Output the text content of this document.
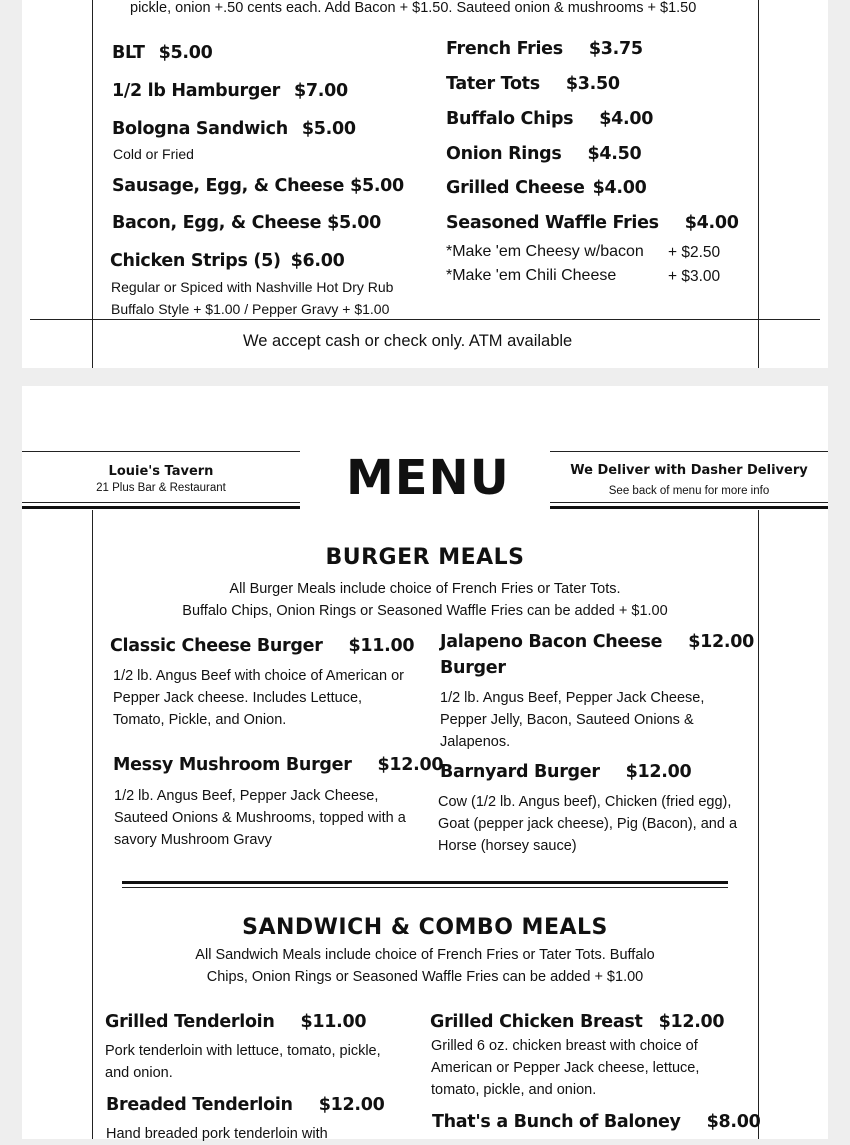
pickle, onion +.50 cents each. Add Bacon + $1.50. Sauteed onion & mushrooms + $1.50
BLT $5.00
1/2 lb Hamburger $7.00
Bologna Sandwich $5.00
Cold or Fried
Sausage, Egg, & Cheese $5.00
Bacon, Egg, & Cheese $5.00
Chicken Strips (5) $6.00
Regular or Spiced with Nashville Hot Dry Rub
Buffalo Style + $1.00 / Pepper Gravy + $1.00
French Fries $3.75
Tater Tots $3.50
Buffalo Chips $4.00
Onion Rings $4.50
Grilled Cheese $4.00
Seasoned Waffle Fries $4.00
*Make 'em Cheesy w/bacon + $2.50
*Make 'em Chili Cheese	+ $3.00
We accept cash or check only. ATM available
Louie's Tavern
21 Plus Bar & Restaurant	MENU	We Deliver with Dasher Delivery
See back of menu for more info
BURGER MEALS
All Burger Meals include choice of French Fries or Tater Tots.
Buffalo Chips, Onion Rings or Seasoned Waffle Fries can be added + $1.00
Classic Cheese Burger $11.00
1/2 lb. Angus Beef with choice of American or Pepper Jack cheese. Includes Lettuce, Tomato, Pickle, and Onion.
Jalapeno Bacon Cheese $12.00
Burger
1/2 lb. Angus Beef, Pepper Jack Cheese, Pepper Jelly, Bacon, Sauteed Onions & Jalapenos.
Messy Mushroom Burger $12.00
1/2 lb. Angus Beef, Pepper Jack Cheese, Sauteed Onions & Mushrooms, topped with a savory Mushroom Gravy
Barnyard Burger $12.00
Cow (1/2 lb. Angus beef), Chicken (fried egg), Goat (pepper jack cheese), Pig (Bacon), and a Horse (horsey sauce)
SANDWICH & COMBO MEALS
All Sandwich Meals include choice of French Fries or Tater Tots. Buffalo
Chips, Onion Rings or Seasoned Waffle Fries can be added + $1.00
Grilled Tenderloin $11.00
Pork tenderloin with lettuce, tomato, pickle, and onion.
Grilled Chicken Breast $12.00
Grilled 6 oz. chicken breast with choice of American or Pepper Jack cheese, lettuce, tomato, pickle, and onion.
Breaded Tenderloin $12.00
Hand breaded pork tenderloin with
That's a Bunch of Baloney $8.00
